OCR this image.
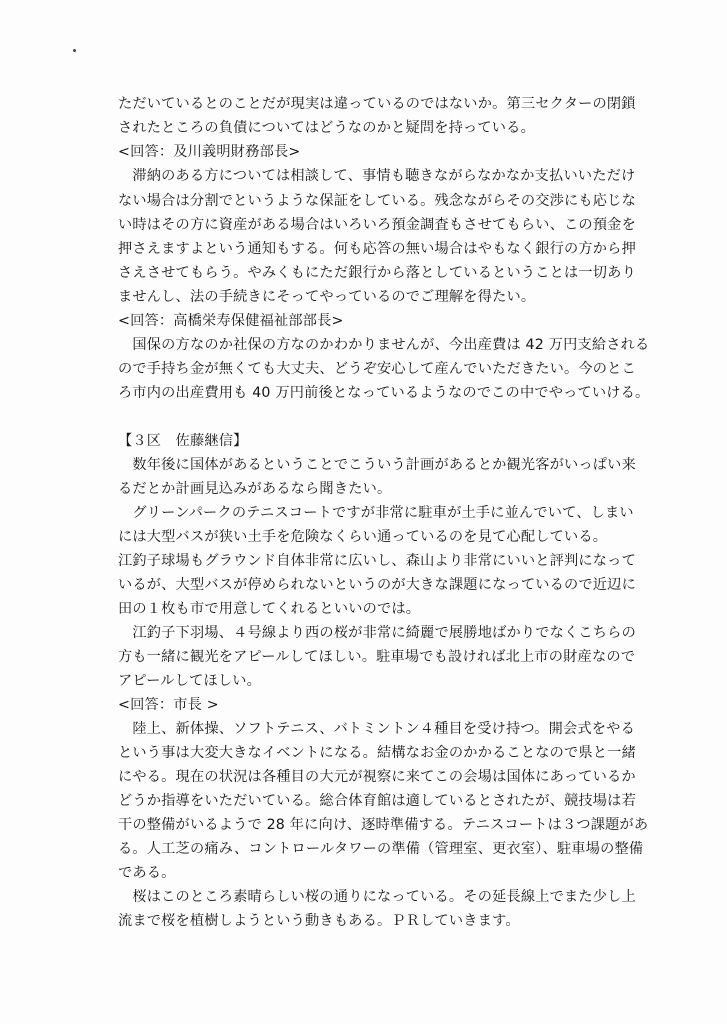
ただいているとのことだが現実は違っているのではないか。第三セクターの閉鎖
されたところの負債についてはどうなのかと疑問を持っている。
<回答：及川義明財務部長>
　滞納のある方については相談して、事情も聴きながらなかなか支払いいただけ
ない場合は分割でというような保証をしている。残念ながらその交渉にも応じな
い時はその方に資産がある場合はいろいろ預金調査もさせてもらい、この預金を
押さえますよという通知もする。何も応答の無い場合はやもなく銀行の方から押
さえさせてもらう。やみくもにただ銀行から落としているということは一切あり
ませんし、法の手続きにそってやっているのでご理解を得たい。
<回答：高橋栄寿保健福祉部部長>
　国保の方なのか社保の方なのかわかりませんが、今出産費は 42 万円支給される
ので手持ち金が無くても大丈夫、どうぞ安心して産んでいただきたい。今のとこ
ろ市内の出産費用も 40 万円前後となっているようなのでこの中でやっていける。
【３区　佐藤継信】
　数年後に国体があるということでこういう計画があるとか観光客がいっぱい来
るだとか計画見込みがあるなら聞きたい。
　グリーンパークのテニスコートですが非常に駐車が土手に並んでいて、しまい
には大型バスが狭い土手を危険なくらい通っているのを見て心配している。
江釣子球場もグラウンド自体非常に広いし、森山より非常にいいと評判になって
いるが、大型バスが停められないというのが大きな課題になっているので近辺に
田の１枚も市で用意してくれるといいのでは。
　江釣子下羽場、４号線より西の桜が非常に綺麗で展勝地ばかりでなくこちらの
方も一緒に観光をアピールしてほしい。駐車場でも設ければ北上市の財産なので
アピールしてほしい。
<回答：市長 >
　陸上、新体操、ソフトテニス、バトミントン４種目を受け持つ。開会式をやる
という事は大変大きなイベントになる。結構なお金のかかることなので県と一緒
にやる。現在の状況は各種目の大元が視察に来てこの会場は国体にあっているか
どうか指導をいただいている。総合体育館は適しているとされたが、競技場は若
干の整備がいるようで 28 年に向け、逐時準備する。テニスコートは３つ課題があ
る。人工芝の痛み、コントロールタワーの準備（管理室、更衣室）、駐車場の整備
である。
　桜はこのところ素晴らしい桜の通りになっている。その延長線上でまた少し上
流まで桜を植樹しようという動きもある。ＰＲしていきます。
